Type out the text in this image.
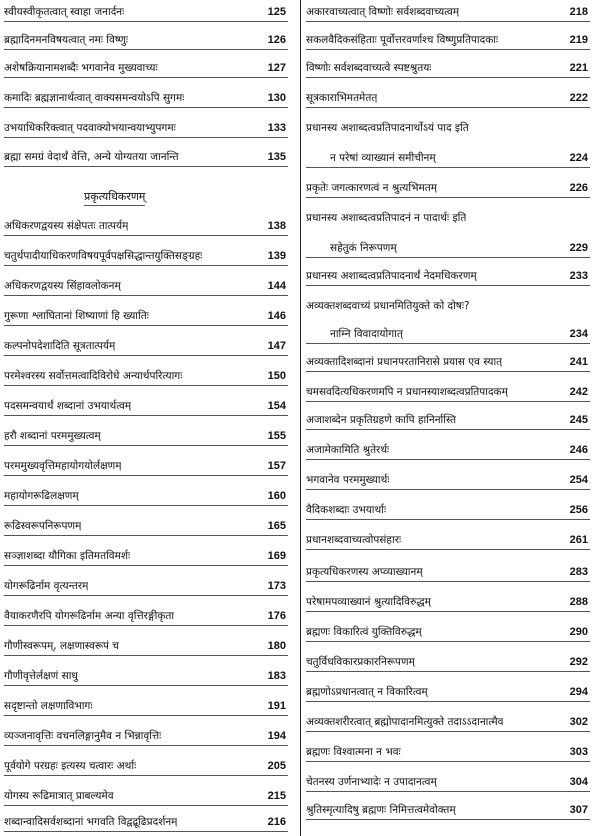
स्वीयस्वीकृतत्वात् स्वाहा जनार्दनः	125
ब्रह्मादिनमनविषयत्वात् नमः विष्णुः	126
अशेषक्रियानामशब्दैः भगवानेव मुख्यवाच्यः	127
कमादिः ब्रह्मज्ञानार्थत्वात् वाक्यसमन्वयोऽपि सुगमः	130
उभयाधिकरिक्त्वात् पदवाक्योभयान्वयाभ्युपगमः	133
ब्रह्मा समग्रं वेदार्थं वेत्ति, अन्ये योग्यतया जानन्ति	135
अधिकरणद्वयस्य संक्षेपतः तात्पर्यम्	138
चतुर्थपादीयाधिकरणविषयपूर्वपक्षसिद्धान्तयुक्तिसङ्ग्रहः	139
अधिकरणद्वयस्य सिंहावलोकनम्	144
गुरूणा श्लाघितानां शिष्याणां हि ख्यातिः	146
कल्पनोपदेशादिति सूत्रतात्पर्यम्	147
परमेश्वरस्य सर्वोत्तमत्वादिविरोधे अन्यार्थपरित्यागः	150
पदसमन्वयार्थं शब्दानां उभयार्थत्वम्	154
हरौ शब्दानां परममुख्यत्वम्	155
परममुख्यवृत्तिमहायोगयोर्लक्षणम्	157
महायोगरूढिलक्षणम्	160
रूढिस्वरूपनिरूपणम्	165
सञ्ज्ञाशब्दा यौगिका इतिमतविमर्शः	169
योगरूढिर्नाम वृत्यन्तरम्	173
वैयाकरणैरपि योगरूढिर्नाम अन्या वृत्तिरङ्गीकृता	176
गौणीस्वरूपम्, लक्षणास्वरूपं च	180
गौणीवृत्तेर्लक्षणं साधु	183
सदृष्टान्तो लक्षणाविभागः	191
व्यञ्जनावृत्तिः वचनलिङ्गानुमैव न भिन्नावृत्तिः	194
पूर्वयोगे परग्रहः इत्यस्य चत्वारः अर्थाः	205
योगस्य रूढिमात्रात् प्राबल्यमेव	215
शब्दान्वादिसर्वशब्दानां भगवति विद्वद्रूढिप्रदर्शनम्	216
प्रकृत्यधिकरणम्
अकारवाच्यत्वात् विष्णोः सर्वशब्दवाच्यत्वम्	218
सकलवैदिकसंहिताः पूर्वोत्तरवर्णाश्च विष्णुप्रतिपादकाः	219
विष्णोः सर्वशब्दवाच्यत्वे स्पष्टश्रुतयः	221
सूत्रकाराभिमतमेतत्	222
प्रधानस्य अशाब्दत्वप्रतिपादनार्थोऽयं पाद इति
न परेषां व्याख्यानं समीचीनम्	224
प्रकृतेः जगत्कारणत्वं न श्रुत्यभिमतम्	226
प्रधानस्य अशाब्दत्वप्रतिपादनं न पादार्थः इति
सहेतुकं निरूपणम्	229
प्रधानस्य अशाब्दत्वप्रतिपादनार्थं नेदमधिकरणम्	233
अव्यक्तशब्दवाच्यं प्रधानमितियुक्ते को दोषः?
नाम्नि विवादायोगात्	234
अव्यक्तादिशब्दानां प्रधानपरतानिरासे प्रयास एव स्यात्	241
चमसवदित्यधिकरणमपि न प्रधानस्याशब्दत्वप्रतिपादकम्	242
अजाशब्देन प्रकृतिग्रहणे कापि हानिर्नास्ति	245
अजामेकामिति श्रुतेरर्थः	246
भगवानेव परममुख्यार्थः	254
वैदिकशब्दाः उभयार्थाः	256
प्रधानशब्दवाच्यत्वोपसंहारः	261
प्रकृत्यधिकरणस्य अप्व्याख्यानम्	283
परेषामपव्याख्यानं श्रुत्यादिविरुद्धम्	288
ब्रह्मणः विकारित्वं युक्तिविरुद्धम्	290
चतुर्विधविकारप्रकारनिरूपणम्	292
ब्रह्मणोऽप्रधानत्वात् न विकारित्वम्	294
अव्यक्तशरीरत्वात् ब्रह्मोपादानमित्युक्ते तदाऽऽदानात्मैव	302
ब्रह्मणः विश्वात्मना न भवः	303
चेतनस्य उर्णनाभ्यादेः न उपादानत्वम्	304
श्रुतिस्मृत्यादिषु ब्रह्मणः निमित्तत्वमेवोक्तम्	307
